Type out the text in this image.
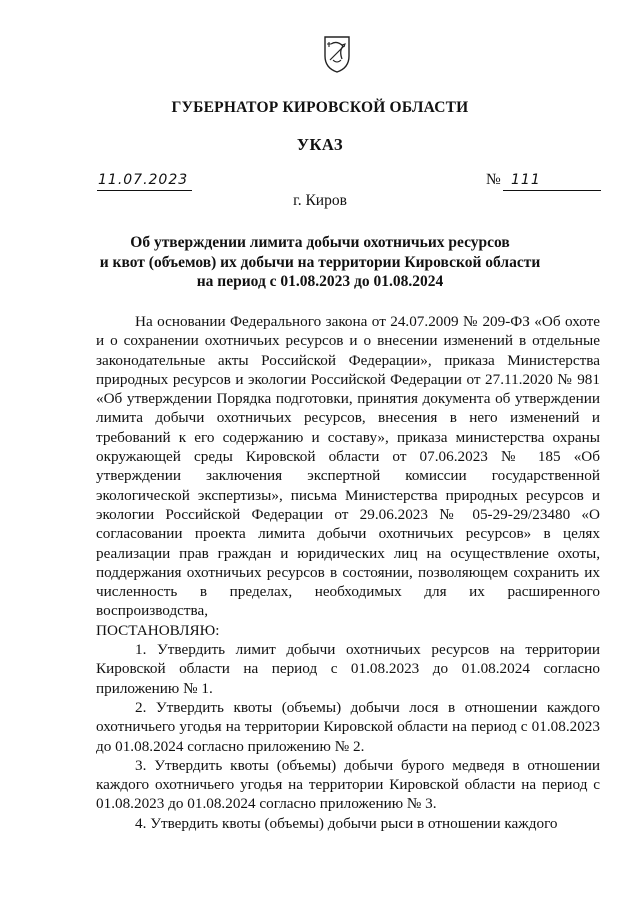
ГУБЕРНАТОР КИРОВСКОЙ ОБЛАСТИ
УКАЗ
11.07.2023	№ 111
г. Киров
Об утверждении лимита добычи охотничьих ресурсов
и квот (объемов) их добычи на территории Кировской области
на период с 01.08.2023 до 01.08.2024

На основании Федерального закона от 24.07.2009 № 209-ФЗ «Об охоте и о сохранении охотничьих ресурсов и о внесении изменений в отдельные законодательные акты Российской Федерации», приказа Министерства природных ресурсов и экологии Российской Федерации от 27.11.2020 № 981 «Об утверждении Порядка подготовки, принятия документа об утверждении лимита добычи охотничьих ресурсов, внесения в него изменений и требований к его содержанию и составу», приказа министерства охраны окружающей среды Кировской области от 07.06.2023 № 185 «Об утверждении заключения экспертной комиссии государственной экологической экспертизы», письма Министерства природных ресурсов и экологии Российской Федерации от 29.06.2023 № 05-29-29/23480 «О согласовании проекта лимита добычи охотничьих ресурсов» в целях реализации прав граждан и юридических лиц на осуществление охоты, поддержания охотничьих ресурсов в состоянии, позволяющем сохранить их численность в пределах, необходимых для их расширенного воспроизводства,

ПОСТАНОВЛЯЮ:

1. Утвердить лимит добычи охотничьих ресурсов на территории Кировской области на период с 01.08.2023 до 01.08.2024 согласно приложению № 1.

2. Утвердить квоты (объемы) добычи лося в отношении каждого охотничьего угодья на территории Кировской области на период с 01.08.2023 до 01.08.2024 согласно приложению № 2.

3. Утвердить квоты (объемы) добычи бурого медведя в отношении каждого охотничьего угодья на территории Кировской области на период с 01.08.2023 до 01.08.2024 согласно приложению № 3.

4. Утвердить квоты (объемы) добычи рыси в отношении каждого
